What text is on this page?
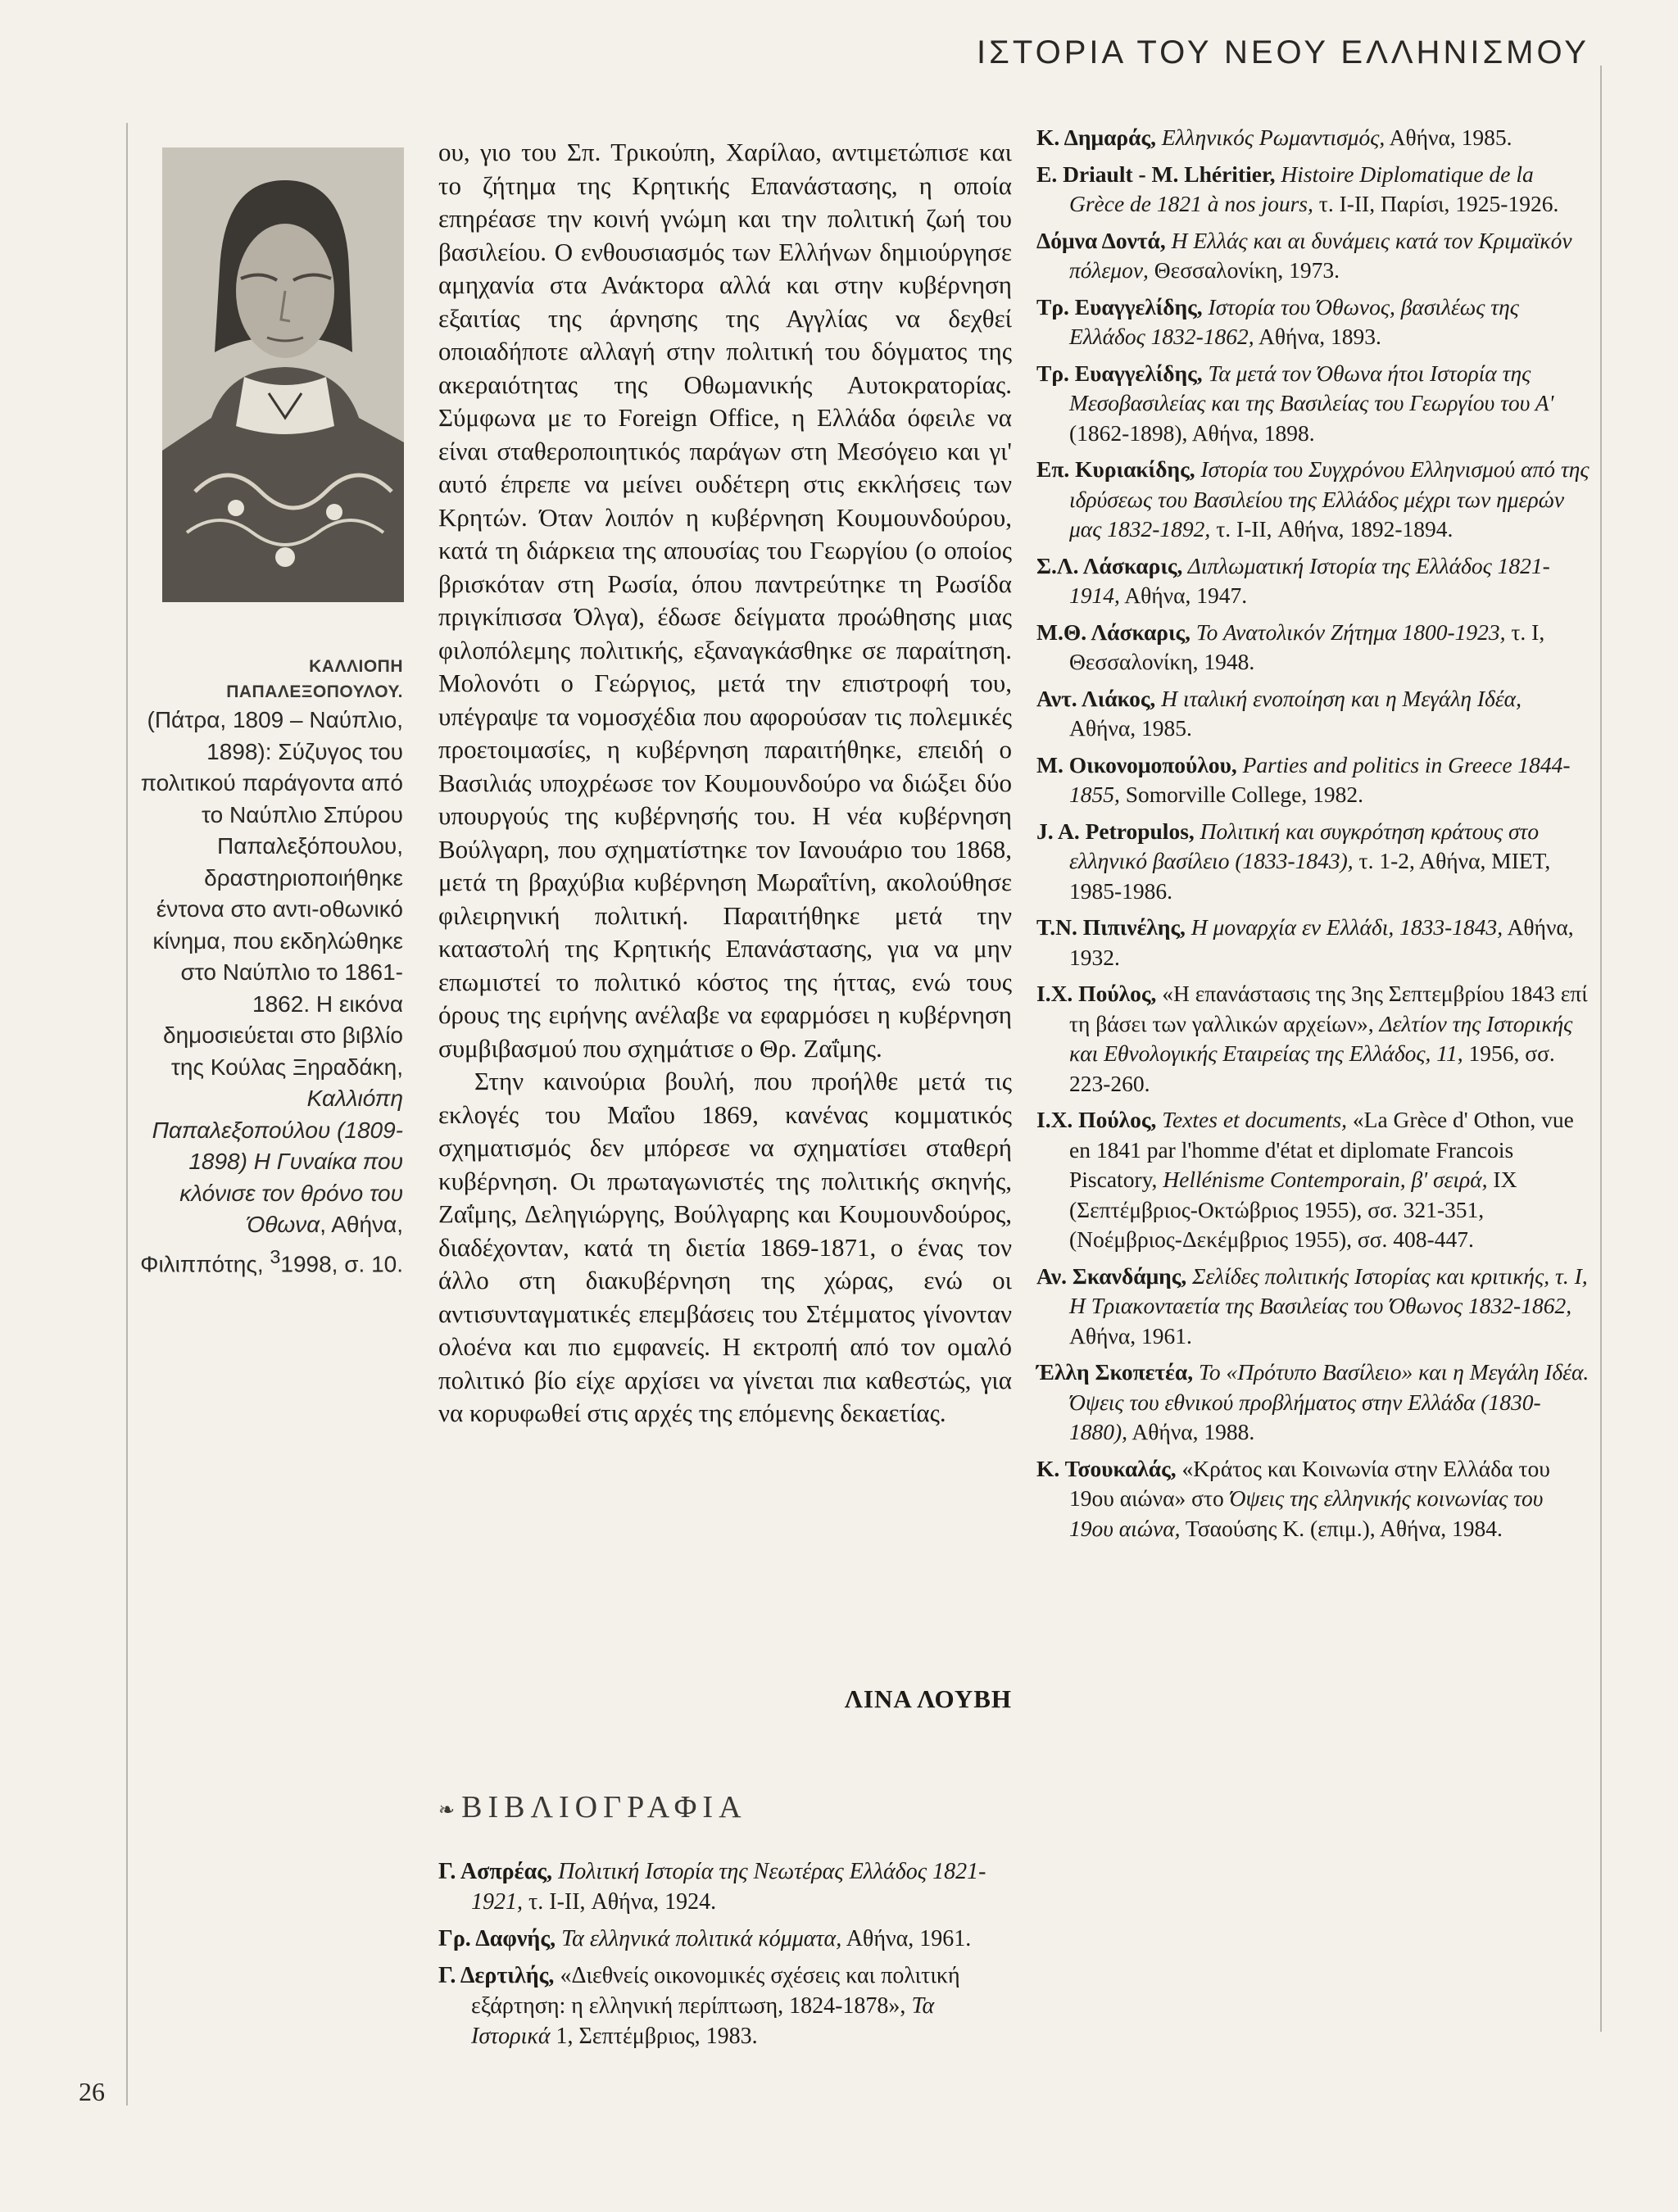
ΙΣΤΟΡΙΑ ΤΟΥ ΝΕΟΥ ΕΛΛΗΝΙΣΜΟΥ
ΚΑΛΛΙΟΠΗ
ΠΑΠΑΛΕΞΟΠΟΥΛΟΥ.
(Πάτρα, 1809 – Ναύπλιο, 1898): Σύζυγος του πολιτικού παράγοντα από το Ναύπλιο Σπύρου Παπαλεξόπουλου, δραστηριοποιήθηκε έντονα στο αντι-οθωνικό κίνημα, που εκδηλώθηκε στο Ναύπλιο το 1861-1862. Η εικόνα δημοσιεύεται στο βιβλίο της Κούλας Ξηραδάκη, Καλλιόπη Παπαλεξοπούλου (1809-1898) Η Γυναίκα που κλόνισε τον θρόνο του Όθωνα, Αθήνα, Φιλιππότης, $^3$1998, σ. 10.

ου, γιο του Σπ. Τρικούπη, Χαρίλαο, αντιμετώπισε και το ζήτημα της Κρητικής Επανάστασης, η οποία επηρέασε την κοινή γνώμη και την πολιτική ζωή του βασιλείου. Ο ενθουσιασμός των Ελλήνων δημιούργησε αμηχανία στα Ανάκτορα αλλά και στην κυβέρνηση εξαιτίας της άρνησης της Αγγλίας να δεχθεί οποιαδήποτε αλλαγή στην πολιτική του δόγματος της ακεραιότητας της Οθωμανικής Αυτοκρατορίας. Σύμφωνα με το Foreign Office, η Ελλάδα όφειλε να είναι σταθεροποιητικός παράγων στη Μεσόγειο και γι' αυτό έπρεπε να μείνει ουδέτερη στις εκκλήσεις των Κρητών. Όταν λοιπόν η κυβέρνηση Κουμουνδούρου, κατά τη διάρκεια της απουσίας του Γεωργίου (ο οποίος βρισκόταν στη Ρωσία, όπου παντρεύτηκε τη Ρωσίδα πριγκίπισσα Όλγα), έδωσε δείγματα προώθησης μιας φιλοπόλεμης πολιτικής, εξαναγκάσθηκε σε παραίτηση. Μολονότι ο Γεώργιος, μετά την επιστροφή του, υπέγραψε τα νομοσχέδια που αφορούσαν τις πολεμικές προετοιμασίες, η κυβέρνηση παραιτήθηκε, επειδή ο Βασιλιάς υποχρέωσε τον Κουμουνδούρο να διώξει δύο υπουργούς της κυβέρνησής του. Η νέα κυβέρνηση Βούλγαρη, που σχηματίστηκε τον Ιανουάριο του 1868, μετά τη βραχύβια κυβέρνηση Μωραΐτίνη, ακολούθησε φιλειρηνική πολιτική. Παραιτήθηκε μετά την καταστολή της Κρητικής Επανάστασης, για να μην επωμιστεί το πολιτικό κόστος της ήττας, ενώ τους όρους της ειρήνης ανέλαβε να εφαρμόσει η κυβέρνηση συμβιβασμού που σχημάτισε ο Θρ. Ζαΐμης.

Στην καινούρια βουλή, που προήλθε μετά τις εκλογές του Μαΐου 1869, κανένας κομματικός σχηματισμός δεν μπόρεσε να σχηματίσει σταθερή κυβέρνηση. Οι πρωταγωνιστές της πολιτικής σκηνής, Ζαΐμης, Δεληγιώργης, Βούλγαρης και Κουμουνδούρος, διαδέχονταν, κατά τη διετία 1869-1871, ο ένας τον άλλο στη διακυβέρνηση της χώρας, ενώ οι αντισυνταγματικές επεμβάσεις του Στέμματος γίνονταν ολοένα και πιο εμφανείς. Η εκτροπή από τον ομαλό πολιτικό βίο είχε αρχίσει να γίνεται πια καθεστώς, για να κορυφωθεί στις αρχές της επόμενης δεκαετίας.

ΛΙΝΑ ΛΟΥΒΗ
❧ ΒΙΒΛΙΟΓΡΑΦΙΑ

Γ. Ασπρέας, Πολιτική Ιστορία της Νεωτέρας Ελλάδος 1821-1921, τ. I-II, Αθήνα, 1924.

Γρ. Δαφνής, Τα ελληνικά πολιτικά κόμματα, Αθήνα, 1961.

Γ. Δερτιλής, «Διεθνείς οικονομικές σχέσεις και πολιτική εξάρτηση: η ελληνική περίπτωση, 1824-1878», Τα Ιστορικά 1, Σεπτέμβριος, 1983.

Κ. Δημαράς, Ελληνικός Ρωμαντισμός, Αθήνα, 1985.

E. Driault - M. Lhéritier, Histoire Diplomatique de la Grèce de 1821 à nos jours, τ. I-II, Παρίσι, 1925-1926.

Δόμνα Δοντά, Η Ελλάς και αι δυνάμεις κατά τον Κριμαϊκόν πόλεμον, Θεσσαλονίκη, 1973.

Τρ. Ευαγγελίδης, Ιστορία του Όθωνος, βασιλέως της Ελλάδος 1832-1862, Αθήνα, 1893.

Τρ. Ευαγγελίδης, Τα μετά τον Όθωνα ήτοι Ιστορία της Μεσοβασιλείας και της Βασιλείας του Γεωργίου του Α' (1862-1898), Αθήνα, 1898.

Επ. Κυριακίδης, Ιστορία του Συγχρόνου Ελληνισμού από της ιδρύσεως του Βασιλείου της Ελλάδος μέχρι των ημερών μας 1832-1892, τ. I-II, Αθήνα, 1892-1894.

Σ.Λ. Λάσκαρις, Διπλωματική Ιστορία της Ελλάδος 1821-1914, Αθήνα, 1947.

Μ.Θ. Λάσκαρις, Το Ανατολικόν Ζήτημα 1800-1923, τ. I, Θεσσαλονίκη, 1948.

Αντ. Λιάκος, Η ιταλική ενοποίηση και η Μεγάλη Ιδέα, Αθήνα, 1985.

Μ. Οικονομοπούλου, Parties and politics in Greece 1844-1855, Somorville College, 1982.

J. A. Petropulos, Πολιτική και συγκρότηση κράτους στο ελληνικό βασίλειο (1833-1843), τ. 1-2, Αθήνα, ΜΙΕΤ, 1985-1986.

Τ.Ν. Πιπινέλης, Η μοναρχία εν Ελλάδι, 1833-1843, Αθήνα, 1932.

Ι.Χ. Πούλος, «Η επανάστασις της 3ης Σεπτεμβρίου 1843 επί τη βάσει των γαλλικών αρχείων», Δελτίον της Ιστορικής και Εθνολογικής Εταιρείας της Ελλάδος, 11, 1956, σσ. 223-260.

Ι.Χ. Πούλος, Textes et documents, «La Grèce d' Othon, vue en 1841 par l'homme d'état et diplomate Francois Piscatory, Hellénisme Contemporain, β' σειρά, IX (Σεπτέμβριος-Οκτώβριος 1955), σσ. 321-351, (Νοέμβριος-Δεκέμβριος 1955), σσ. 408-447.

Αν. Σκανδάμης, Σελίδες πολιτικής Ιστορίας και κριτικής, τ. I, Η Τριακονταετία της Βασιλείας του Όθωνος 1832-1862, Αθήνα, 1961.

Έλλη Σκοπετέα, Το «Πρότυπο Βασίλειο» και η Μεγάλη Ιδέα. Όψεις του εθνικού προβλήματος στην Ελλάδα (1830-1880), Αθήνα, 1988.

Κ. Τσουκαλάς, «Κράτος και Κοινωνία στην Ελλάδα του 19ου αιώνα» στο Όψεις της ελληνικής κοινωνίας του 19ου αιώνα, Τσαούσης Κ. (επιμ.), Αθήνα, 1984.

26
